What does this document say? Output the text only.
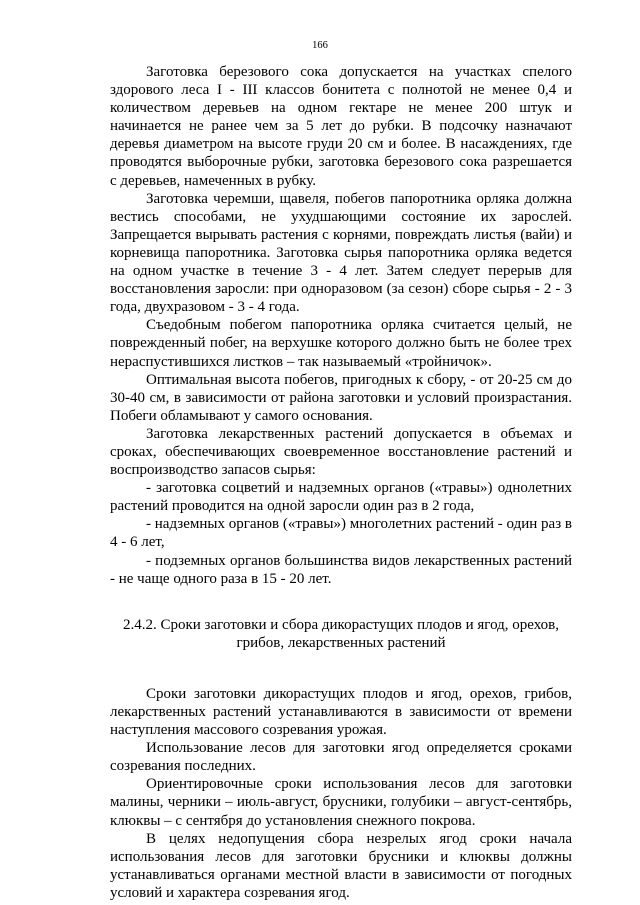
166

Заготовка березового сока допускается на участках спелого здорового леса I - III классов бонитета с полнотой не менее 0,4 и количеством деревьев на одном гектаре не менее 200 штук и начинается не ранее чем за 5 лет до рубки. В подсочку назначают деревья диаметром на высоте груди 20 см и более. В насаждениях, где проводятся выборочные рубки, заготовка березового сока разрешается с деревьев, намеченных в рубку.

Заготовка черемши, щавеля, побегов папоротника орляка должна вестись способами, не ухудшающими состояние их зарослей. Запрещается вырывать растения с корнями, повреждать листья (вайи) и корневища папоротника. Заготовка сырья папоротника орляка ведется на одном участке в течение 3 - 4 лет. Затем следует перерыв для восстановления заросли: при одноразовом (за сезон) сборе сырья - 2 - 3 года, двухразовом - 3 - 4 года.

Съедобным побегом папоротника орляка считается целый, не поврежденный побег, на верхушке которого должно быть не более трех нераспустившихся листков – так называемый «тройничок».

Оптимальная высота побегов, пригодных к сбору, - от 20-25 см до 30-40 см, в зависимости от района заготовки и условий произрастания. Побеги обламывают у самого основания.

Заготовка лекарственных растений допускается в объемах и сроках, обеспечивающих своевременное восстановление растений и воспроизводство запасов сырья:

- заготовка соцветий и надземных органов («травы») однолетних растений проводится на одной заросли один раз в 2 года,

- надземных органов («травы») многолетних растений - один раз в 4 - 6 лет,

- подземных органов большинства видов лекарственных растений - не чаще одного раза в 15 - 20 лет.

2.4.2. Сроки заготовки и сбора дикорастущих плодов и ягод, орехов,
грибов, лекарственных растений

Сроки заготовки дикорастущих плодов и ягод, орехов, грибов, лекарственных растений устанавливаются в зависимости от времени наступления массового созревания урожая.

Использование лесов для заготовки ягод определяется сроками созревания последних.

Ориентировочные сроки использования лесов для заготовки малины, черники – июль-август, брусники, голубики – август-сентябрь, клюквы – с сентября до установления снежного покрова.

В целях недопущения сбора незрелых ягод сроки начала использования лесов для заготовки брусники и клюквы должны устанавливаться органами местной власти в зависимости от погодных условий и характера созревания ягод.
